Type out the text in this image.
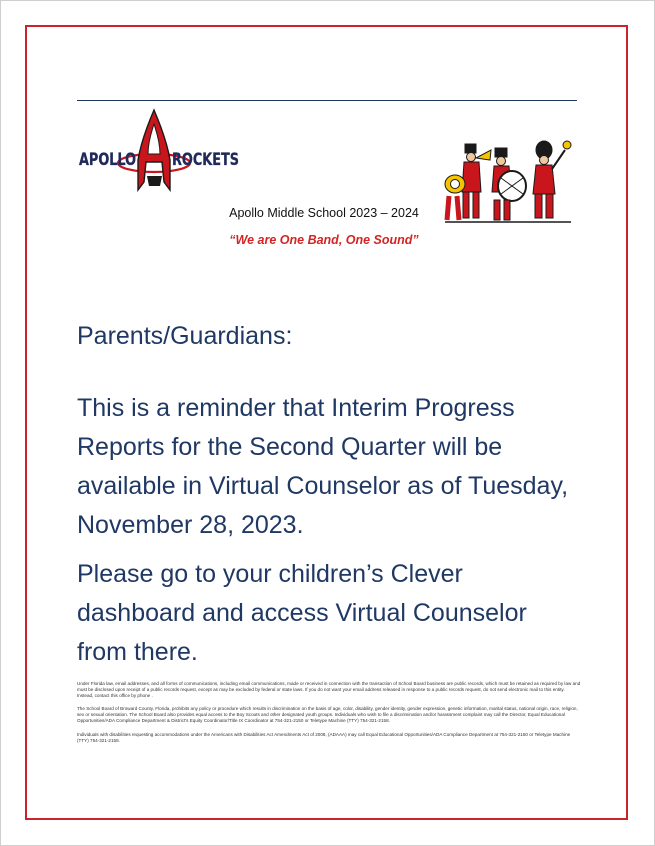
APOLLO ROCKETS
Apollo Middle School 2023 – 2024
“We are One Band, One Sound”

Parents/Guardians:

This is a reminder that Interim Progress Reports for the Second Quarter will be available in Virtual Counselor as of Tuesday, November 28, 2023.

Please go to your children’s Clever dashboard and access Virtual Counselor from there.

Under Florida law, email addresses, and all forms of communications, including email communications, made or received in connection with the transaction of School Board business are public records, which must be retained as required by law and must be disclosed upon receipt of a public records request, except as may be excluded by federal or state laws. If you do not want your email address released in response to a public records request, do not send electronic mail to this entity. Instead, contact this office by phone .

The School Board of Broward County, Florida, prohibits any policy or procedure which results in discrimination on the basis of age, color, disability, gender identity, gender expression, genetic information, marital status, national origin, race, religion, sex or sexual orientation. The School Board also provides equal access to the Boy Scouts and other designated youth groups. Individuals who wish to file a discrimination and/or harassment complaint may call the Director, Equal Educational Opportunities/ADA Compliance Department & District's Equity Coordinator/Title IX Coordinator at 754-321-2150 or Teletype Machine (TTY) 754-321-2158.

Individuals with disabilities requesting accommodations under the Americans with Disabilities Act Amendments Act of 2008, (ADAAA) may call Equal Educational Opportunities/ADA Compliance Department at 754-321-2150 or Teletype Machine (TTY) 754-321-2158.
